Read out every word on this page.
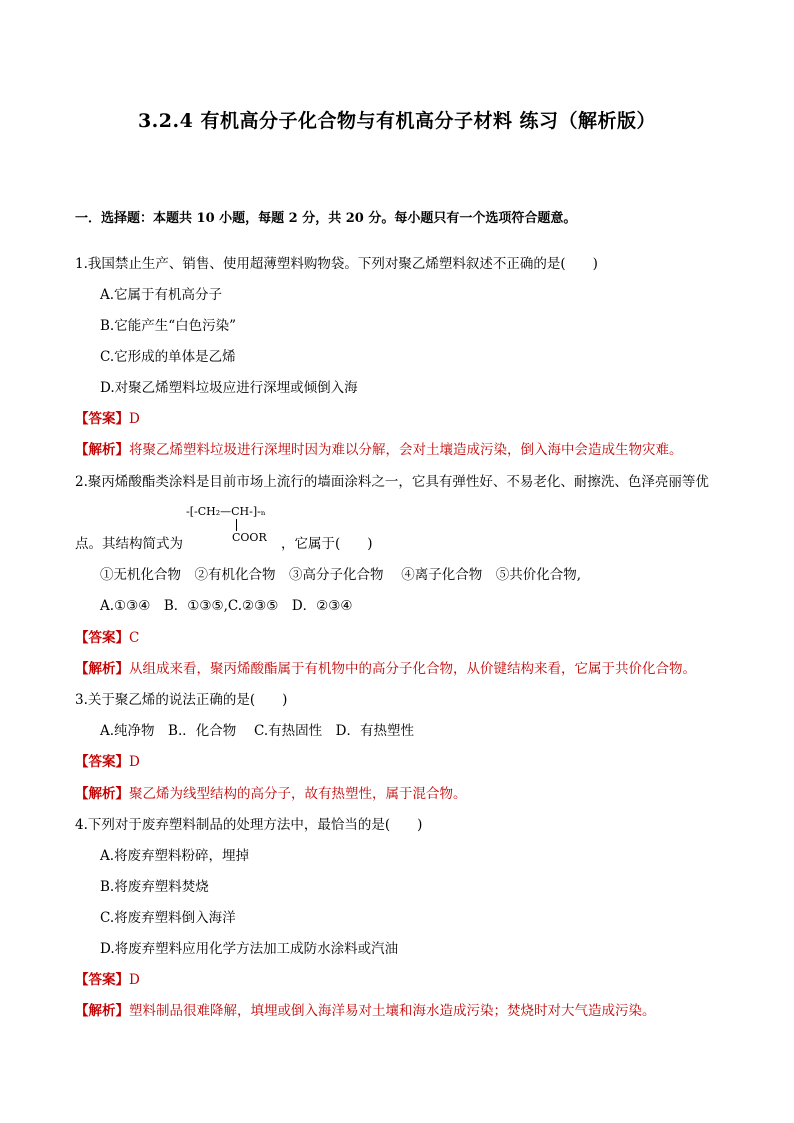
3.2.4 有机高分子化合物与有机高分子材料 练习（解析版）
一．选择题：本题共 10 小题，每题 2 分，共 20 分。每小题只有一个选项符合题意。
1.我国禁止生产、销售、使用超薄塑料购物袋。下列对聚乙烯塑料叙述不正确的是(　　)
A.它属于有机高分子
B.它能产生“白色污染”
C.它形成的单体是乙烯
D.对聚乙烯塑料垃圾应进行深埋或倾倒入海
【答案】D
【解析】将聚乙烯塑料垃圾进行深埋时因为难以分解，会对土壤造成污染，倒入海中会造成生物灾难。
2.聚丙烯酸酯类涂料是目前市场上流行的墙面涂料之一，它具有弹性好、不易老化、耐擦洗、色泽亮丽等优
-[-CH₂—CH-]-ₙ
COOR
点。其结构简式为	，它属于(　　)
①无机化合物　②有机化合物　③高分子化合物　 ④离子化合物　⑤共价化合物,
A.①③④　B．①③⑤,C.②③⑤　D．②③④
【答案】C
【解析】从组成来看，聚丙烯酸酯属于有机物中的高分子化合物，从价键结构来看，它属于共价化合物。
3.关于聚乙烯的说法正确的是(　　)
A.纯净物　B.．化合物　 C.有热固性　D．有热塑性
【答案】D
【解析】聚乙烯为线型结构的高分子，故有热塑性，属于混合物。
4.下列对于废弃塑料制品的处理方法中，最恰当的是(　　)
A.将废弃塑料粉碎，埋掉
B.将废弃塑料焚烧
C.将废弃塑料倒入海洋
D.将废弃塑料应用化学方法加工成防水涂料或汽油
【答案】D
【解析】塑料制品很难降解，填埋或倒入海洋易对土壤和海水造成污染；焚烧时对大气造成污染。
